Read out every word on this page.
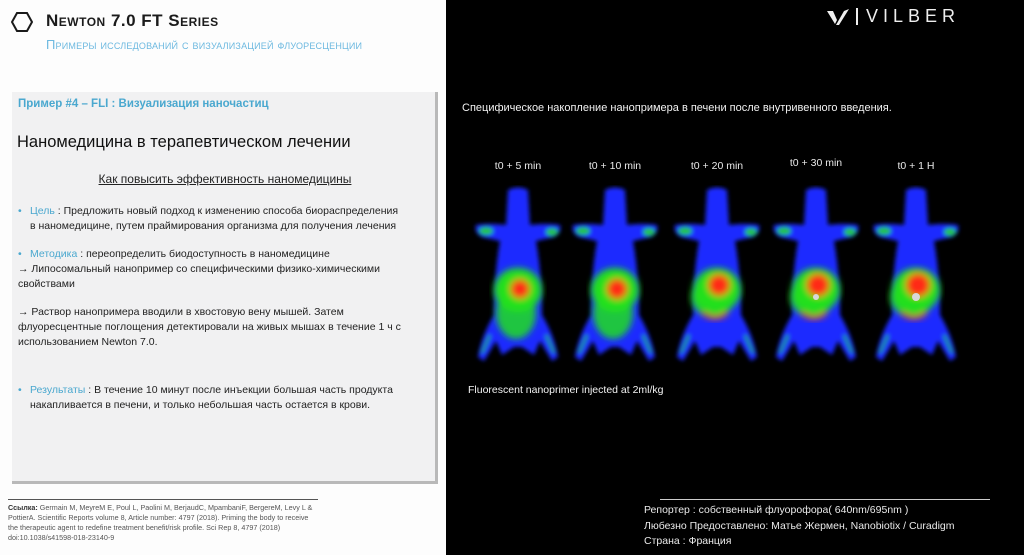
Newton 7.0 FT Series
Примеры исследований с визуализацией флуоресценции
Пример #4 – FLI : Визуализация наночастиц
Наномедицина в терапевтическом лечении
Как повысить эффективность наномедицины
• Цель : Предложить новый подход к изменению способа биораспределения
в наномедицине, путем праймирования организма для получения лечения
• Методика : переопределить биодоступность в наномедицине
→ Липосомальный нанопример со специфическими физико-химическими
свойствами
→ Раствор нанопримера вводили в хвостовую вену мышей. Затем
флуоресцентные поглощения детектировали на живых мышах в течение 1 ч с
использованием Newton 7.0.
• Результаты : В течение 10 минут после инъекции большая часть продукта
накапливается в печени, и только небольшая часть остается в крови.
Ссылка: Germain M, MeyreM E, Poul L, Paolini M, BerjaudC, MpambaniF, BergereM, Levy L & PottierA. Scientific Reports volume 8, Article number: 4797 (2018). Priming the body to receive the therapeutic agent to redefine treatment benefit/risk profile. Sci Rep 8, 4797 (2018) doi:10.1038/s41598-018-23140-9
VILBER
Специфическое накопление нанопримера в печени после внутривенного введения.
t0 + 5 min	t0 + 10 min	t0 + 20 min	t0 + 30 min	t0 + 1 H
Fluorescent nanoprimer injected at 2ml/kg
Репортер : собственный флуорофора( 640nm/695nm )
Любезно Предоставлено: Матье Жермен, Nanobiotix / Curadigm
Страна : Франция
